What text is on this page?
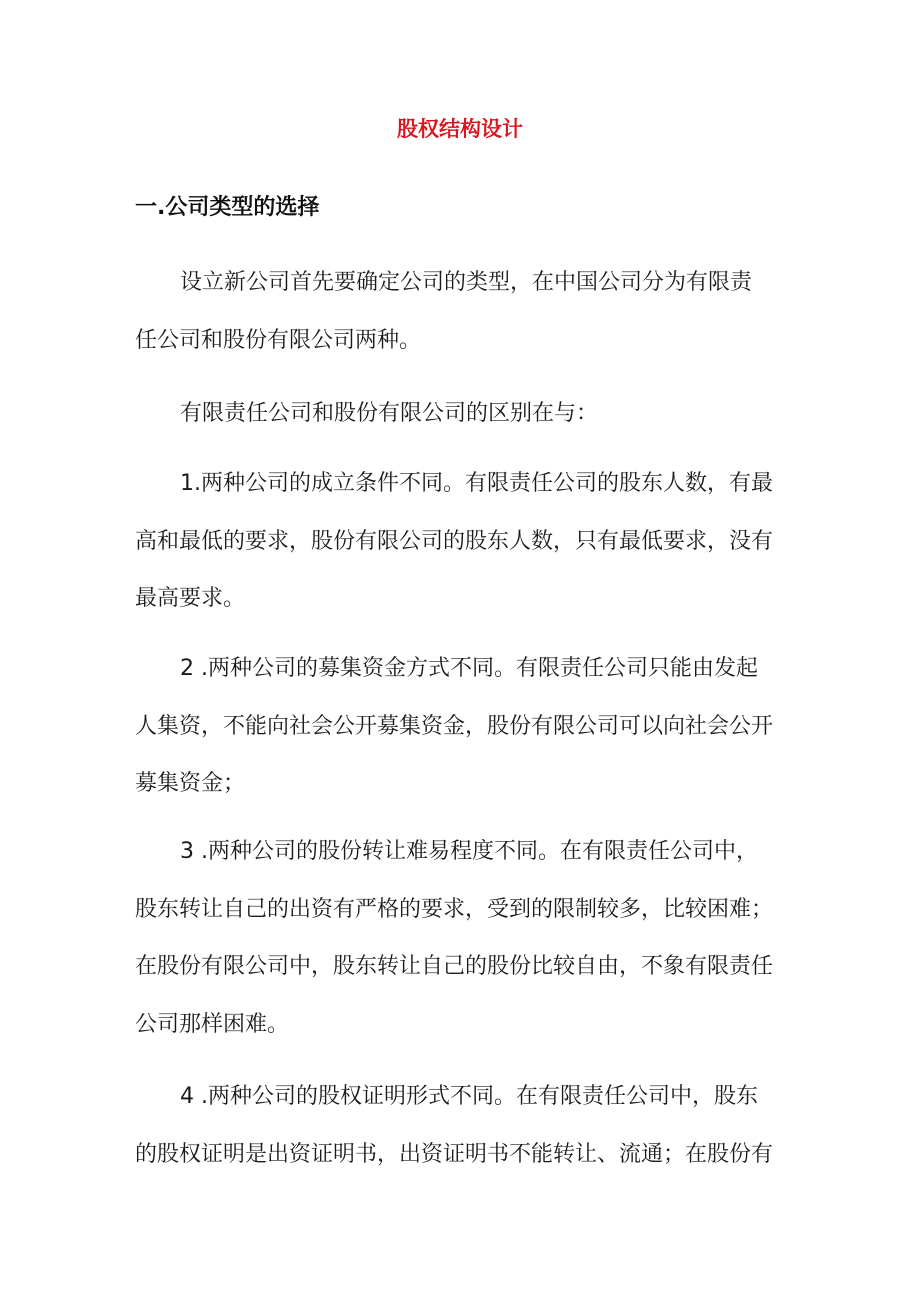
股权结构设计
一.公司类型的选择
设立新公司首先要确定公司的类型，在中国公司分为有限责
任公司和股份有限公司两种。
有限责任公司和股份有限公司的区别在与：
1.两种公司的成立条件不同。有限责任公司的股东人数，有最
高和最低的要求，股份有限公司的股东人数，只有最低要求，没有
最高要求。
2 .两种公司的募集资金方式不同。有限责任公司只能由发起
人集资，不能向社会公开募集资金，股份有限公司可以向社会公开
募集资金；
3 .两种公司的股份转让难易程度不同。在有限责任公司中，
股东转让自己的出资有严格的要求，受到的限制较多，比较困难；
在股份有限公司中，股东转让自己的股份比较自由，不象有限责任
公司那样困难。
4 .两种公司的股权证明形式不同。在有限责任公司中，股东
的股权证明是出资证明书，出资证明书不能转让、流通；在股份有
